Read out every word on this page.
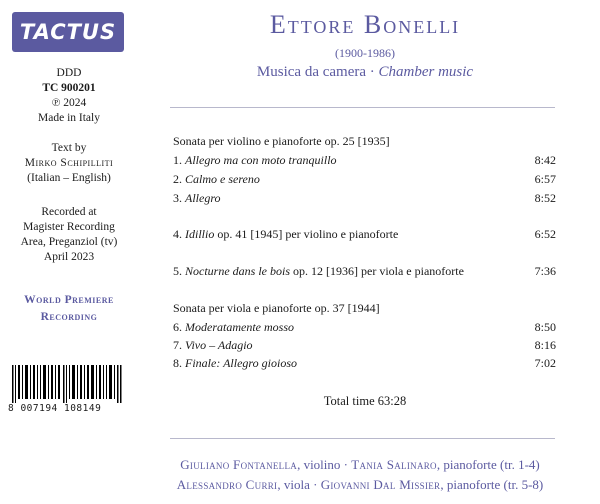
TACTUS
DDD
TC 900201
℗ 2024
Made in Italy
Text by
Mirko Schipilliti
(Italian – English)
Recorded at
Magister Recording
Area, Preganziol (tv)
April 2023
World Premiere
Recording
8 007194 108149
Ettore Bonelli
(1900-1986)
Musica da camera · Chamber music
Sonata per violino e pianoforte op. 25 [1935]
1. Allegro ma con moto tranquillo	8:42
2. Calmo e sereno	6:57
3. Allegro	8:52
4. Idillio op. 41 [1945] per violino e pianoforte	6:52
5. Nocturne dans le bois op. 12 [1936] per viola e pianoforte	7:36
Sonata per viola e pianoforte op. 37 [1944]
6. Moderatamente mosso	8:50
7. Vivo – Adagio	8:16
8. Finale: Allegro gioioso	7:02
Total time 63:28
Giuliano Fontanella, violino · Tania Salinaro, pianoforte (tr. 1-4)
Alessandro Curri, viola · Giovanni Dal Missier, pianoforte (tr. 5-8)
